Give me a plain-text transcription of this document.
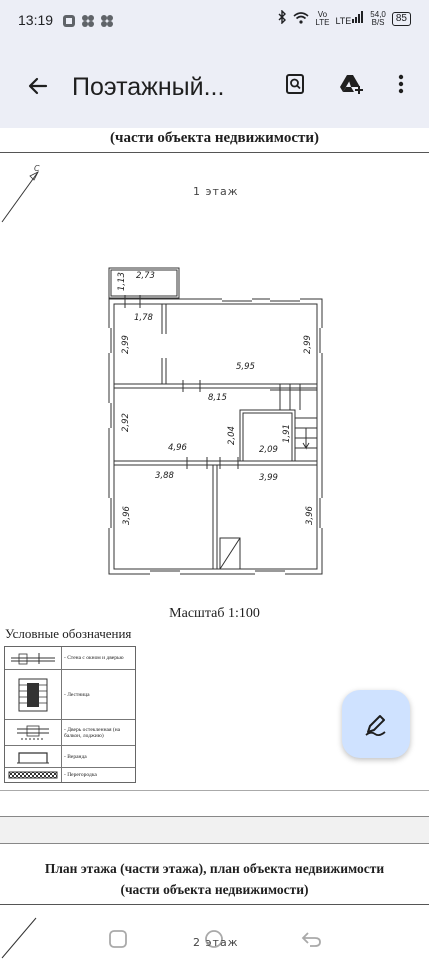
13:19	Vo
LTE LTE
54,0
B/S	85
Поэтажный...
(части объекта недвижимости)
С
1 этаж
2,73
1,13
1,78
2,99	2,99
5,95
8,15
2,92
2,04	1,91
4,96	2,09
3,88	3,99
3,96	3,96
Масштаб 1:100
Условные обозначения
- Стена с окном и дверью
- Лестница
- Дверь остекленная (на балкон, лоджию)
- Веранда
- Перегородка
План этажа (части этажа), план объекта недвижимости
(части объекта недвижимости)
2 этаж
